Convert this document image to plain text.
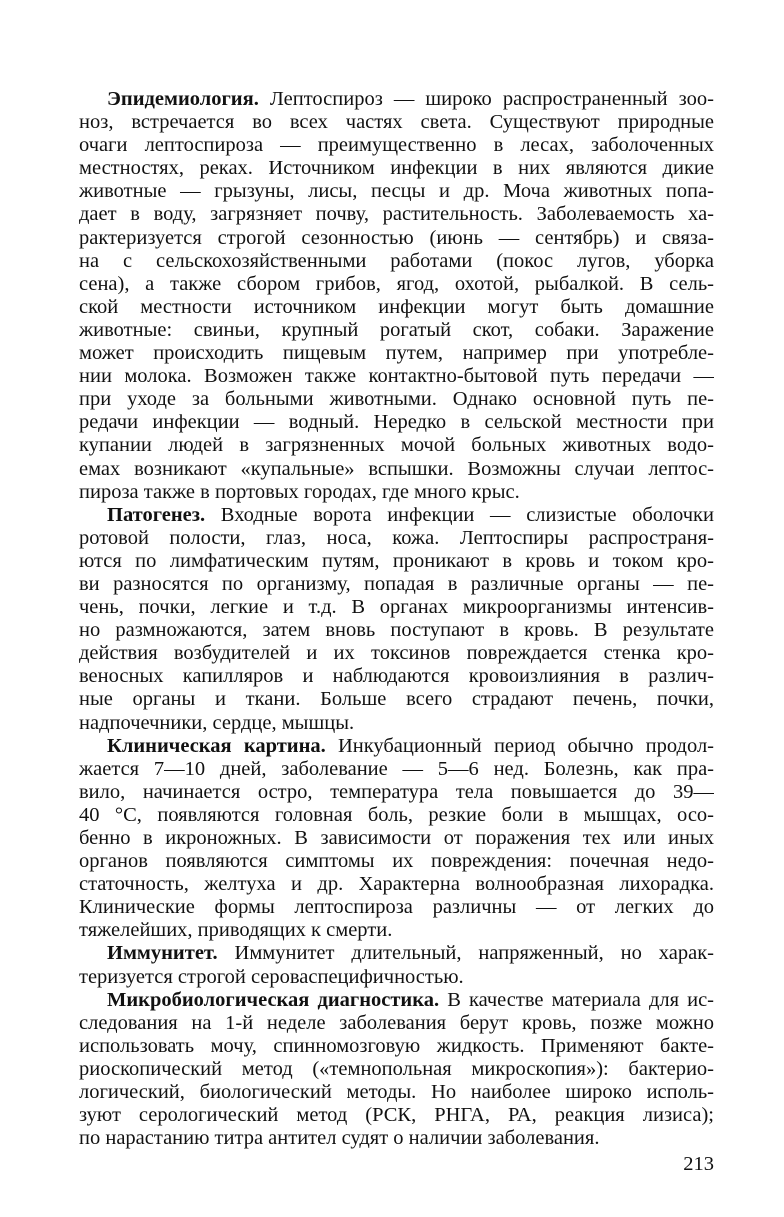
Эпидемиология. Лептоспироз — широко распространенный зоо-
ноз, встречается во всех частях света. Существуют природные
очаги лептоспироза — преимущественно в лесах, заболоченных
местностях, реках. Источником инфекции в них являются дикие
животные — грызуны, лисы, песцы и др. Моча животных попа-
дает в воду, загрязняет почву, растительность. Заболеваемость ха-
рактеризуется строгой сезонностью (июнь — сентябрь) и связа-
на с сельскохозяйственными работами (покос лугов, уборка
сена), а также сбором грибов, ягод, охотой, рыбалкой. В сель-
ской местности источником инфекции могут быть домашние
животные: свиньи, крупный рогатый скот, собаки. Заражение
может происходить пищевым путем, например при употребле-
нии молока. Возможен также контактно-бытовой путь передачи —
при уходе за больными животными. Однако основной путь пе-
редачи инфекции — водный. Нередко в сельской местности при
купании людей в загрязненных мочой больных животных водо-
емах возникают «купальные» вспышки. Возможны случаи лептос-
пироза также в портовых городах, где много крыс.
Патогенез. Входные ворота инфекции — слизистые оболочки
ротовой полости, глаз, носа, кожа. Лептоспиры распространя-
ются по лимфатическим путям, проникают в кровь и током кро-
ви разносятся по организму, попадая в различные органы — пе-
чень, почки, легкие и т.д. В органах микроорганизмы интенсив-
но размножаются, затем вновь поступают в кровь. В результате
действия возбудителей и их токсинов повреждается стенка кро-
веносных капилляров и наблюдаются кровоизлияния в различ-
ные органы и ткани. Больше всего страдают печень, почки,
надпочечники, сердце, мышцы.
Клиническая картина. Инкубационный период обычно продол-
жается 7—10 дней, заболевание — 5—6 нед. Болезнь, как пра-
вило, начинается остро, температура тела повышается до 39—
40 °С, появляются головная боль, резкие боли в мышцах, осо-
бенно в икроножных. В зависимости от поражения тех или иных
органов появляются симптомы их повреждения: почечная недо-
статочность, желтуха и др. Характерна волнообразная лихорадка.
Клинические формы лептоспироза различны — от легких до
тяжелейших, приводящих к смерти.
Иммунитет. Иммунитет длительный, напряженный, но харак-
теризуется строгой сероваспецифичностью.
Микробиологическая диагностика. В качестве материала для ис-
следования на 1-й неделе заболевания берут кровь, позже можно
использовать мочу, спинномозговую жидкость. Применяют бакте-
риоскопический метод («темнопольная микроскопия»): бактерио-
логический, биологический методы. Но наиболее широко исполь-
зуют серологический метод (РСК, РНГА, РА, реакция лизиса);
по нарастанию титра антител судят о наличии заболевания.
213
